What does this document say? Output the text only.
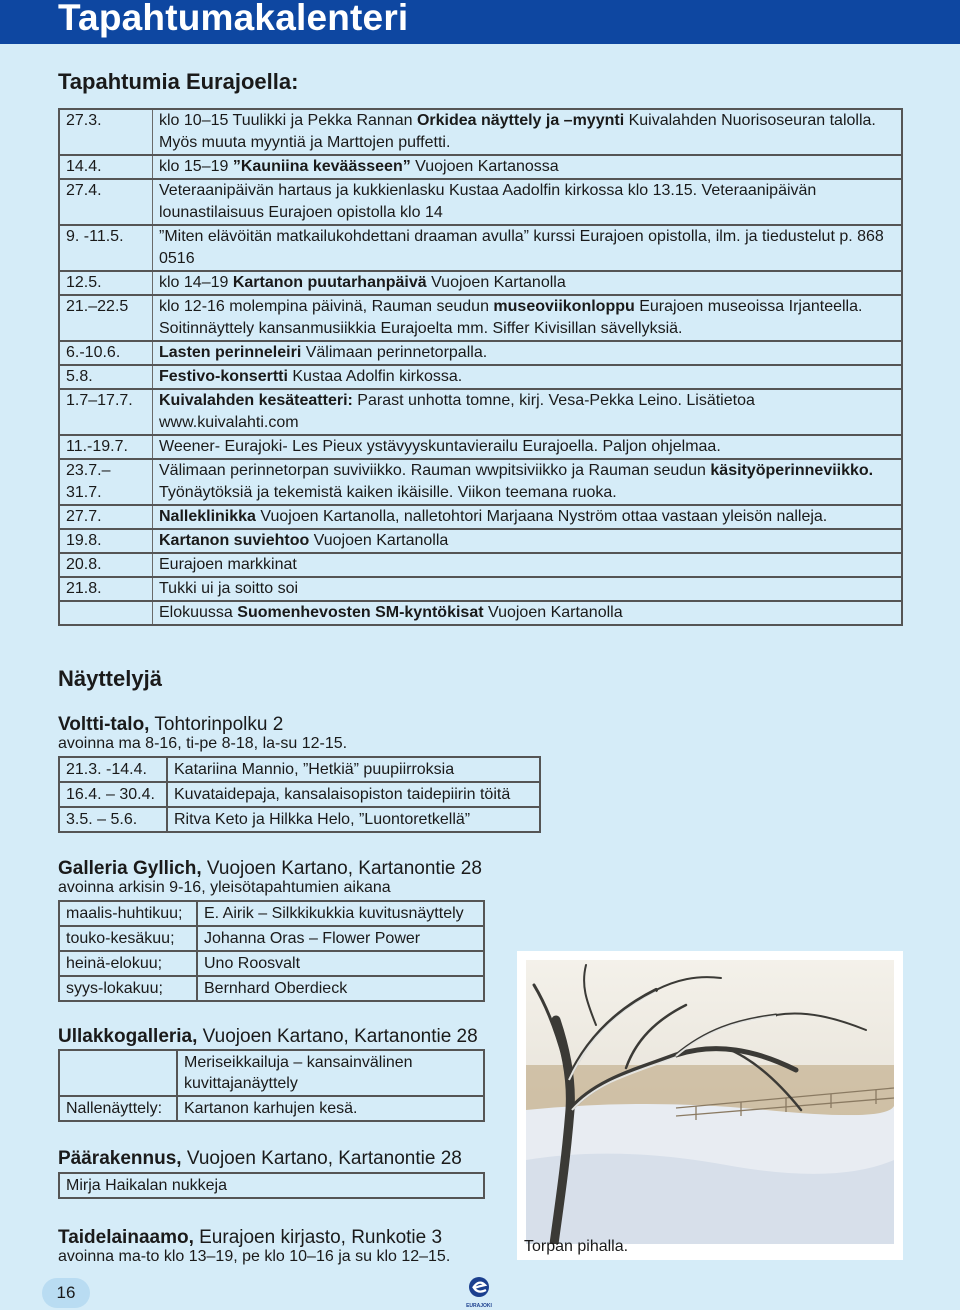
Tapahtumakalenteri
Tapahtumia Eurajoella:
27.3.	klo 10–15 Tuulikki ja Pekka Rannan Orkidea näyttely ja –myynti Kuivalahden Nuorisoseuran talolla. Myös muuta myyntiä ja Marttojen puffetti.
14.4.	klo 15–19 ”Kauniina keväässeen” Vuojoen Kartanossa
27.4.	Veteraanipäivän hartaus ja kukkienlasku Kustaa Aadolfin kirkossa klo 13.15. Veteraanipäivän lounastilaisuus Eurajoen opistolla klo 14
9. -11.5.	”Miten elävöitän matkailukohdettani draaman avulla” kurssi Eurajoen opistolla, ilm. ja tiedustelut p. 868 0516
12.5.	klo 14–19 Kartanon puutarhanpäivä Vuojoen Kartanolla
21.–22.5	klo 12-16 molempina päivinä, Rauman seudun museoviikonloppu Eurajoen museoissa Irjanteella. Soitinnäyttely kansanmusiikkia Eurajoelta mm. Siffer Kivisillan sävellyksiä.
6.-10.6.	Lasten perinneleiri Välimaan perinnetorpalla.
5.8.	Festivo-konsertti Kustaa Adolfin kirkossa.
1.7–17.7.	Kuivalahden kesäteatteri: Parast unhotta tomne, kirj. Vesa-Pekka Leino. Lisätietoa www.kuivalahti.com
11.-19.7.	Weener- Eurajoki- Les Pieux ystävyyskuntavierailu Eurajoella. Paljon ohjelmaa.
23.7.–31.7.	Välimaan perinnetorpan suviviikko. Rauman wwpitsiviikko ja Rauman seudun käsityöperinneviikko. Työnäytöksiä ja tekemistä kaiken ikäisille. Viikon teemana ruoka.
27.7.	Nalleklinikka Vuojoen Kartanolla, nalletohtori Marjaana Nyström ottaa vastaan yleisön nalleja.
19.8.	Kartanon suviehtoo Vuojoen Kartanolla
20.8.	Eurajoen markkinat
21.8.	Tukki ui ja soitto soi
	Elokuussa Suomenhevosten SM-kyntökisat Vuojoen Kartanolla
Näyttelyjä
Voltti-talo, Tohtorinpolku 2
avoinna ma 8-16, ti-pe 8-18, la-su 12-15.
21.3. -14.4.	Katariina Mannio, ”Hetkiä” puupiirroksia
16.4. – 30.4.	Kuvataidepaja, kansalaisopiston taidepiirin töitä
3.5. – 5.6.	Ritva Keto ja Hilkka Helo, ”Luontoretkellä”
Galleria Gyllich, Vuojoen Kartano, Kartanontie 28
avoinna arkisin 9-16, yleisötapahtumien aikana
maalis-huhtikuu;	E. Airik – Silkkikukkia kuvitusnäyttely
touko-kesäkuu;	Johanna Oras – Flower Power
heinä-elokuu;	Uno Roosvalt
syys-lokakuu;	Bernhard Oberdieck
Ullakkogalleria, Vuojoen Kartano, Kartanontie 28
	Meriseikkailuja – kansainvälinen kuvittajanäyttely
Nallenäyttely:	Kartanon karhujen kesä.
Päärakennus, Vuojoen Kartano, Kartanontie 28
Mirja Haikalan nukkeja
Taidelainaamo, Eurajoen kirjasto, Runkotie 3
avoinna ma-to klo 13–19, pe klo 10–16 ja su klo 12–15.
Torpan pihalla.
16
EURAJOKI
